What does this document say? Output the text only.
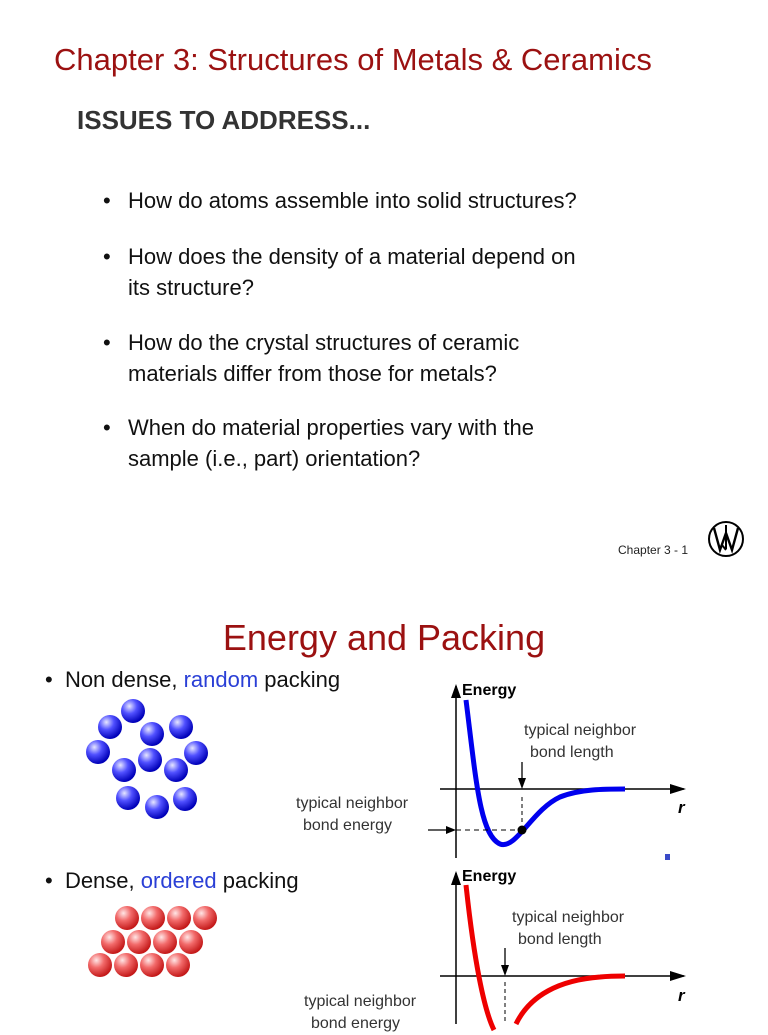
Chapter 3: Structures of Metals & Ceramics
ISSUES TO ADDRESS...
• How do atoms assemble into solid structures?
• How does the density of a material depend on
its structure?
• How do the crystal structures of ceramic
materials differ from those for metals?
• When do material properties vary with the
sample (i.e., part) orientation?
Chapter 3 - 1
Energy and Packing
• Non dense, random packing
• Dense, ordered packing
Energy
r
typical neighbor
bond length
typical neighbor
bond energy
Energy
r
typical neighbor
bond length
typical neighbor
bond energy
